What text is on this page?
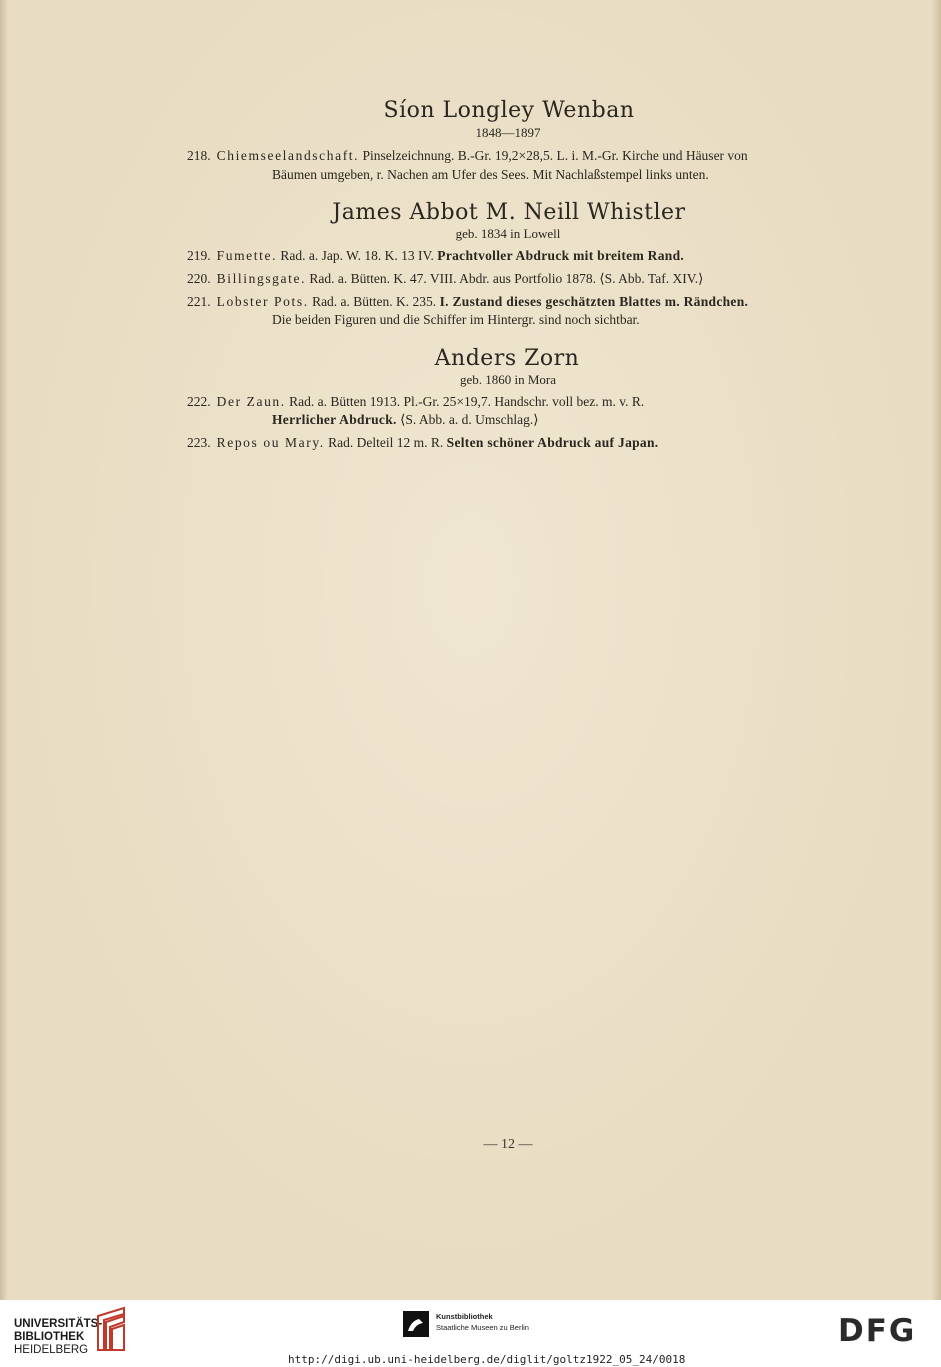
Síon Longley Wenban
1848—1897
218. Chiemseelandschaft. Pinselzeichnung. B.-Gr. 19,2×28,5. L. i. M.-Gr. Kirche und Häuser von
Bäumen umgeben, r. Nachen am Ufer des Sees. Mit Nachlaßstempel links unten.
James Abbot M. Neill Whistler
geb. 1834 in Lowell
219. Fumette. Rad. a. Jap. W. 18. K. 13 IV. Prachtvoller Abdruck mit breitem Rand.
220. Billingsgate. Rad. a. Bütten. K. 47. VIII. Abdr. aus Portfolio 1878. ⟨S. Abb. Taf. XIV.⟩
221. Lobster Pots. Rad. a. Bütten. K. 235. I. Zustand dieses geschätzten Blattes m. Rändchen.
Die beiden Figuren und die Schiffer im Hintergr. sind noch sichtbar.
Anders Zorn
geb. 1860 in Mora
222. Der Zaun. Rad. a. Bütten 1913. Pl.-Gr. 25×19,7. Handschr. voll bez. m. v. R.
Herrlicher Abdruck. ⟨S. Abb. a. d. Umschlag.⟩
223. Repos ou Mary. Rad. Delteil 12 m. R. Selten schöner Abdruck auf Japan.
— 12 —
UNIVERSITÄTS-
BIBLIOTHEK
HEIDELBERG
Kunstbibliothek
Staatliche Museen zu Berlin	DFG
http://digi.ub.uni-heidelberg.de/diglit/goltz1922_05_24/0018
